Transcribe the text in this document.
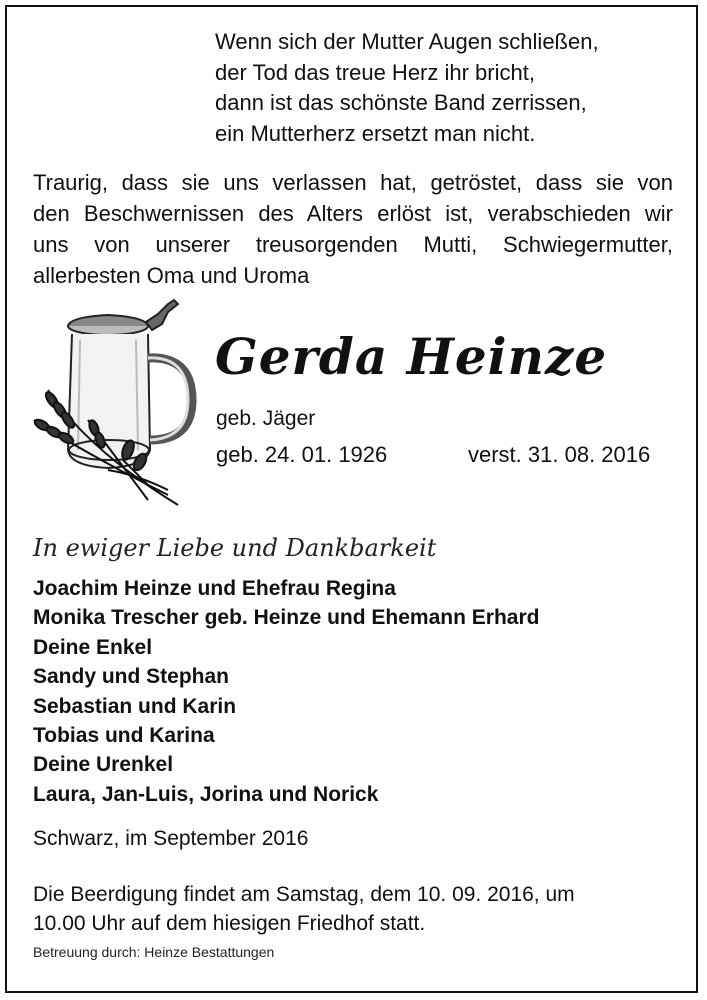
Wenn sich der Mutter Augen schließen,
der Tod das treue Herz ihr bricht,
dann ist das schönste Band zerrissen,
ein Mutterherz ersetzt man nicht.
Traurig, dass sie uns verlassen hat, getröstet, dass sie von
den Beschwernissen des Alters erlöst ist, verabschieden wir
uns von unserer treusorgenden Mutti, Schwiegermutter,
allerbesten Oma und Uroma
Gerda Heinze
geb. Jäger
geb. 24. 01. 1926	verst. 31. 08. 2016
In ewiger Liebe und Dankbarkeit
Joachim Heinze und Ehefrau Regina
Monika Trescher geb. Heinze und Ehemann Erhard
Deine Enkel
Sandy und Stephan
Sebastian und Karin
Tobias und Karina
Deine Urenkel
Laura, Jan-Luis, Jorina und Norick
Schwarz, im September 2016
Die Beerdigung findet am Samstag, dem 10. 09. 2016, um
10.00 Uhr auf dem hiesigen Friedhof statt.
Betreuung durch: Heinze Bestattungen
